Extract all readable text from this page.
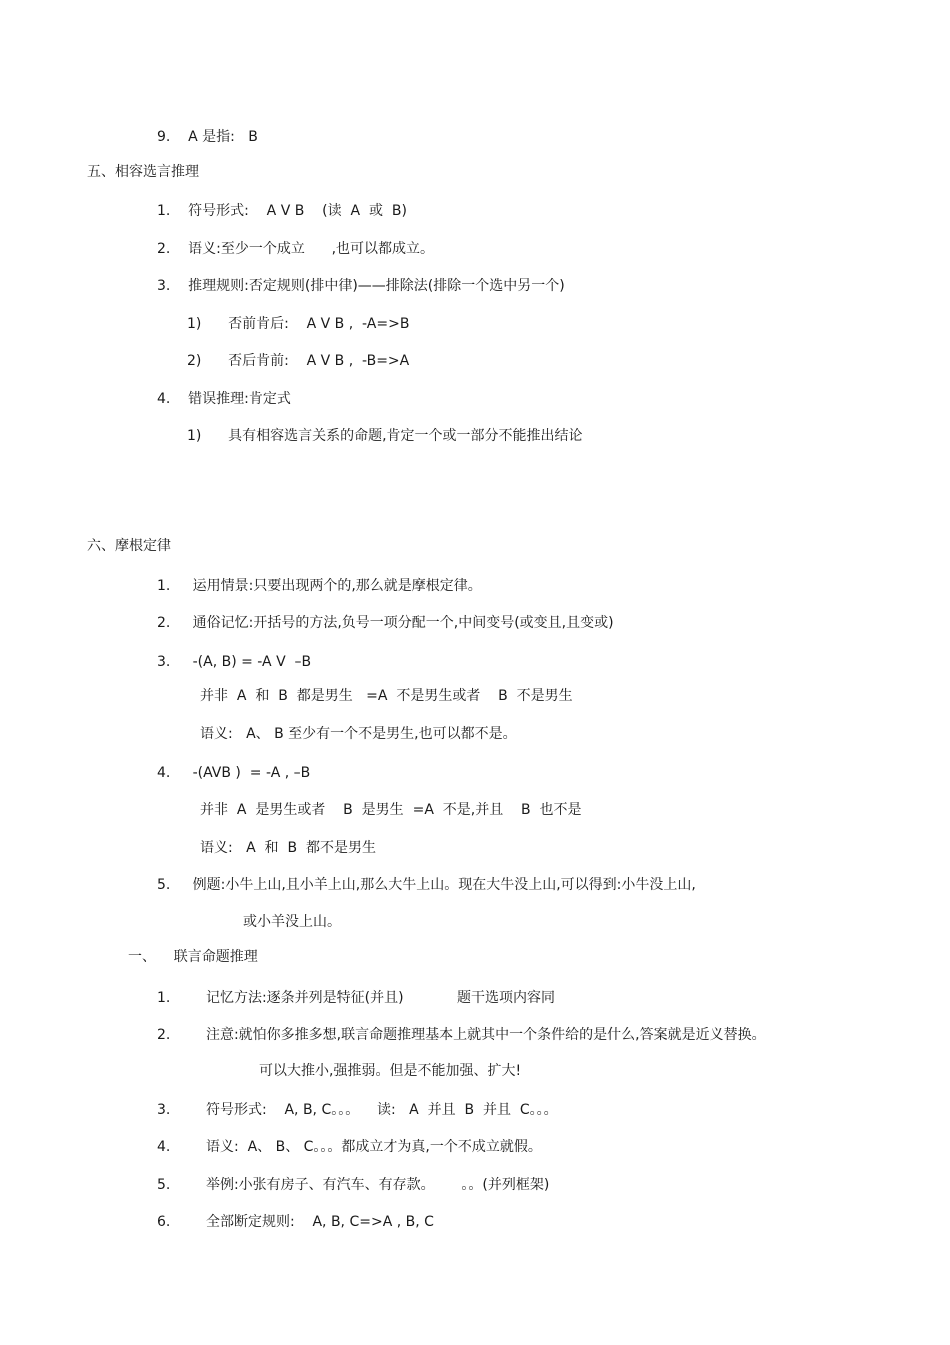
9.    A 是指:   B
五、相容选言推理
1.    符号形式:    A V B    (读  A  或  B)
2.    语义:至少一个成立      ,也可以都成立。
3.    推理规则:否定规则(排中律)——排除法(排除一个选中另一个)
1)      否前肯后:    A V B ,  -A=>B
2)      否后肯前:    A V B ,  -B=>A
4.    错误推理:肯定式
1)      具有相容选言关系的命题,肯定一个或一部分不能推出结论
六、摩根定律
1.     运用情景:只要出现两个的,那么就是摩根定律。
2.     通俗记忆:开括号的方法,负号一项分配一个,中间变号(或变且,且变或)
3.     -(A, B) = -A V  –B
并非  A  和  B  都是男生   =A  不是男生或者    B  不是男生
语义:   A、 B 至少有一个不是男生,也可以都不是。
4.     -(AVB )  = -A , –B
并非  A  是男生或者    B  是男生  =A  不是,并且    B  也不是
语义:   A  和  B  都不是男生
5.     例题:小牛上山,且小羊上山,那么大牛上山。现在大牛没上山,可以得到:小牛没上山,
或小羊没上山。
一、    联言命题推理
1.        记忆方法:逐条并列是特征(并且)            题干选项内容同
2.        注意:就怕你多推多想,联言命题推理基本上就其中一个条件给的是什么,答案就是近义替换。
可以大推小,强推弱。但是不能加强、扩大!
3.        符号形式:    A, B, C。。。    读:   A  并且  B  并且  C。。。
4.        语义:  A、 B、 C。。。都成立才为真,一个不成立就假。
5.        举例:小张有房子、有汽车、有存款。      。。(并列框架)
6.        全部断定规则:    A, B, C=>A , B, C
